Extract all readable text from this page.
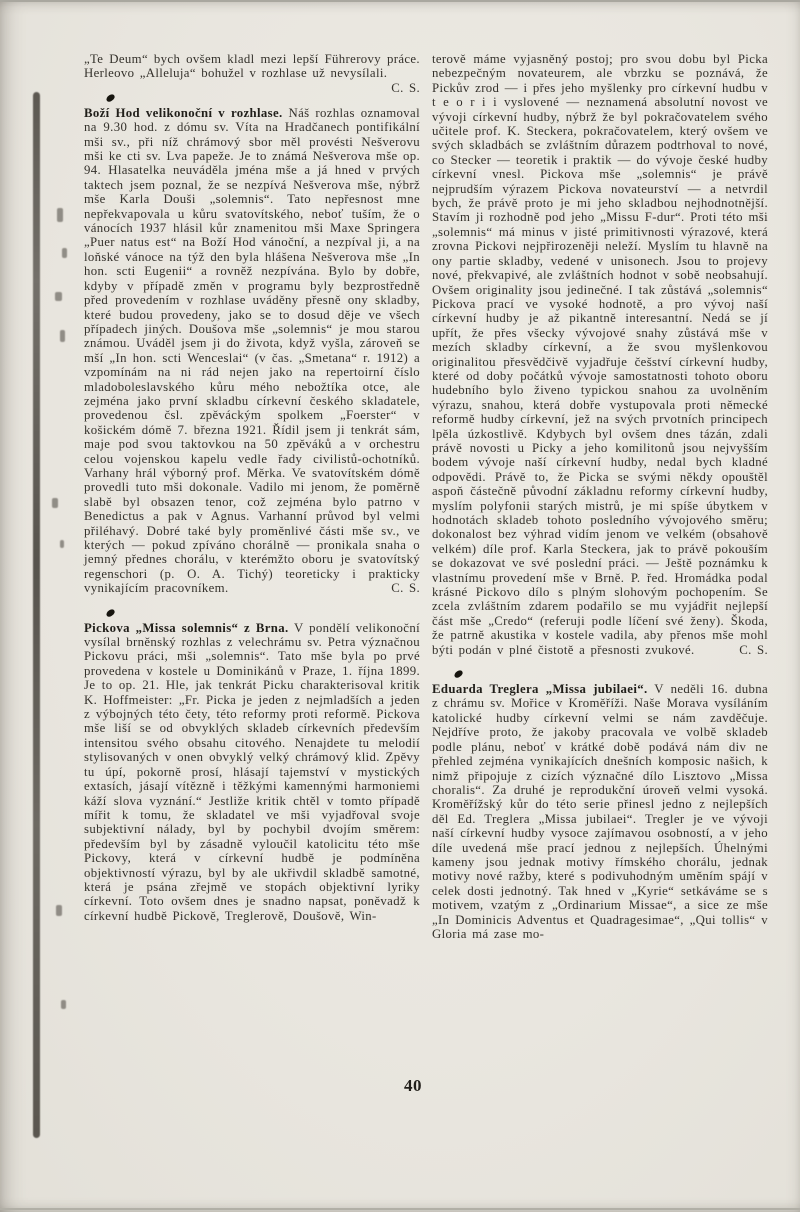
„Te Deum“ bych ovšem kladl mezi lepší Führerovy práce. Herleovo „Alleluja“ bohužel v rozhlase už nevysílali.
C. S.

Boží Hod velikonoční v rozhlase. Náš rozhlas oznamoval na 9.30 hod. z dómu sv. Víta na Hradčanech pontifikální mši sv., při níž chrámový sbor měl provésti Nešverovu mši ke cti sv. Lva papeže. Je to známá Nešverova mše op. 94. Hlasatelka neuváděla jména mše a já hned v prvých taktech jsem poznal, že se nezpívá Nešverova mše, nýbrž mše Karla Douši „solemnis“. Tato nepřesnost mne nepřekvapovala u kůru svatovítského, neboť tuším, že o vánocích 1937 hlásil kůr znamenitou mši Maxe Springera „Puer natus est“ na Boží Hod vánoční, a nezpíval ji, a na loňské vánoce na týž den byla hlášena Nešverova mše „In hon. scti Eugenii“ a rovněž nezpívána. Bylo by dobře, kdyby v případě změn v programu byly bezprostředně před provedením v rozhlase uváděny přesně ony skladby, které budou provedeny, jako se to dosud děje ve všech případech jiných. Doušova mše „solemnis“ je mou starou známou. Uváděl jsem ji do života, když vyšla, zároveň se mší „In hon. scti Wenceslai“ (v čas. „Smetana“ r. 1912) a vzpomínám na ni rád nejen jako na repertoirní číslo mladoboleslavského kůru mého nebožtíka otce, ale zejména jako první skladbu církevní českého skladatele, provedenou čsl. zpěváckým spolkem „Foerster“ v košickém dómě 7. března 1921. Řídil jsem ji tenkrát sám, maje pod svou taktovkou na 50 zpěváků a v orchestru celou vojenskou kapelu vedle řady civilistů-ochotníků. Varhany hrál výborný prof. Měrka. Ve svatovítském dómě provedli tuto mši dokonale. Vadilo mi jenom, že poměrně slabě byl obsazen tenor, což zejména bylo patrno v Benedictus a pak v Agnus. Varhanní průvod byl velmi přiléhavý. Dobré také byly proměnlivé části mše sv., ve kterých — pokud zpíváno chorálně — pronikala snaha o jemný přednes chorálu, v kterémžto oboru je svatovítský regenschori (p. O. A. Tichý) teoreticky i prakticky vynikajícím pracovníkem.	C. S.

Pickova „Missa solemnis“ z Brna. V pondělí velikonoční vysílal brněnský rozhlas z velechrámu sv. Petra význačnou Pickovu práci, mši „solemnis“. Tato mše byla po prvé provedena v kostele u Dominikánů v Praze, 1. října 1899. Je to op. 21. Hle, jak tenkrát Picku charakterisoval kritik K. Hoffmeister: „Fr. Picka je jeden z nejmladších a jeden z výbojných této čety, této reformy proti reformě. Pickova mše liší se od obvyklých skladeb církevních především intensitou svého obsahu citového. Nenajdete tu melodií stylisovaných v onen obvyklý velký chrámový klid. Zpěvy tu úpí, pokorně prosí, hlásají tajemství v mystických extasích, jásají vítězně i těžkými kamennými harmoniemi káží slova vyznání.“ Jestliže kritik chtěl v tomto případě mířit k tomu, že skladatel ve mši vyjadřoval svoje subjektivní nálady, byl by pochybil dvojím směrem: především byl by zásadně vyloučil katolicitu této mše Pickovy, která v církevní hudbě je podmíněna objektivností výrazu, byl by ale ukřivdil skladbě samotné, která je psána zřejmě ve stopách objektivní lyriky církevní. Toto ovšem dnes je snadno napsat, poněvadž k církevní hudbě Pickově, Treglerově, Doušově, Win-

terově máme vyjasněný postoj; pro svou dobu byl Picka nebezpečným novateurem, ale vbrzku se poznává, že Pickův zrod — i přes jeho myšlenky pro církevní hudbu v t e o r i i vyslovené — neznamená absolutní novost ve vývoji církevní hudby, nýbrž že byl pokračovatelem svého učitele prof. K. Steckera, pokračovatelem, který ovšem ve svých skladbách se zvláštním důrazem podtrhoval to nové, co Stecker — teoretik i praktik — do vývoje české hudby církevní vnesl. Pickova mše „solemnis“ je právě nejprudším výrazem Pickova novateurství — a netvrdil bych, že právě proto je mi jeho skladbou nejhodnotnější. Stavím ji rozhodně pod jeho „Missu F-dur“. Proti této mši „solemnis“ má minus v jisté primitivnosti výrazové, která zrovna Pickovi nejpřirozeněji neleží. Myslím tu hlavně na ony partie skladby, vedené v unisonech. Jsou to projevy nové, překvapivé, ale zvláštních hodnot v sobě neobsahují. Ovšem originality jsou jedinečné. I tak zůstává „solemnis“ Pickova prací ve vysoké hodnotě, a pro vývoj naší církevní hudby je až pikantně interesantní. Nedá se jí upřít, že přes všecky vývojové snahy zůstává mše v mezích skladby církevní, a že svou myšlenkovou originalitou přesvědčivě vyjadřuje češství církevní hudby, které od doby počátků vývoje samostatnosti tohoto oboru hudebního bylo živeno typickou snahou za uvolněním výrazu, snahou, která dobře vystupovala proti německé reformě hudby církevní, jež na svých prvotních principech lpěla úzkostlivě. Kdybych byl ovšem dnes tázán, zdali právě novosti u Picky a jeho komilitonů jsou nejvyšším bodem vývoje naší církevní hudby, nedal bych kladné odpovědi. Právě to, že Picka se svými někdy opouštěl aspoň částečně původní základnu reformy církevní hudby, myslím polyfonii starých mistrů, je mi spíše úbytkem v hodnotách skladeb tohoto posledního vývojového směru; dokonalost bez výhrad vidím jenom ve velkém (obsahově velkém) díle prof. Karla Steckera, jak to právě pokouším se dokazovat ve své poslední práci. — Ještě poznámku k vlastnímu provedení mše v Brně. P. řed. Hromádka podal krásné Pickovo dílo s plným slohovým pochopením. Se zcela zvláštním zdarem podařilo se mu vyjádřit nejlepší část mše „Credo“ (referuji podle líčení své ženy). Škoda, že patrně akustika v kostele vadila, aby přenos mše mohl býti podán v plné čistotě a přesnosti zvukové.	C. S.

Eduarda Treglera „Missa jubilaei“. V neděli 16. dubna z chrámu sv. Mořice v Kroměříži. Naše Morava vysíláním katolické hudby církevní velmi se nám zavděčuje. Nejdříve proto, že jakoby pracovala ve volbě skladeb podle plánu, neboť v krátké době podává nám div ne přehled zejména vynikajících dnešních komposic našich, k nimž připojuje z cizích význačné dílo Lisztovo „Missa choralis“. Za druhé je reprodukční úroveň velmi vysoká. Kroměřížský kůr do této serie přinesl jedno z nejlepších děl Ed. Treglera „Missa jubilaei“. Tregler je ve vývoji naší církevní hudby vysoce zajímavou osobností, a v jeho díle uvedená mše prací jednou z nejlepších. Úhelnými kameny jsou jednak motivy římského chorálu, jednak motivy nové ražby, které s podivuhodným uměním spájí v celek dosti jednotný. Tak hned v „Kyrie“ setkáváme se s motivem, vzatým z „Ordinarium Missae“, a sice ze mše „In Dominicis Adventus et Quadragesimae“, „Qui tollis“ v Gloria má zase mo-

40
